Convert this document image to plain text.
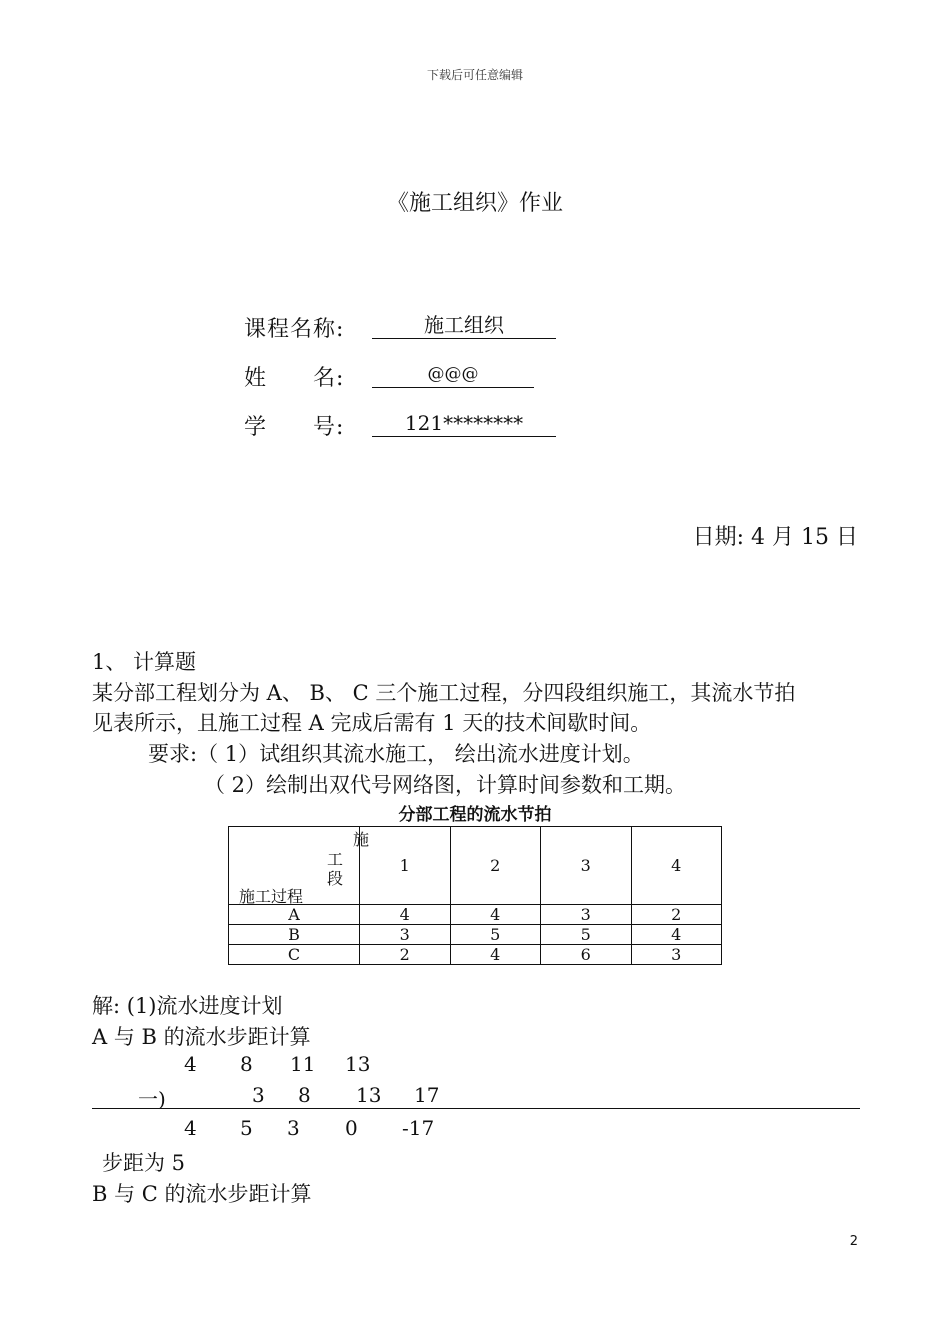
下载后可任意编辑
《施工组织》作业
课程名称:	施工组织
姓 名:	@@@
学 号:	121********
日期: 4 月 15 日
1、 计算题
某分部工程划分为 A、 B、 C 三个施工过程，分四段组织施工，其流水节拍
见表所示，且施工过程 A 完成后需有 1 天的技术间歇时间。
要求:（ 1）试组织其流水施工， 绘出流水进度计划。
（ 2）绘制出双代号网络图，计算时间参数和工期。
分部工程的流水节拍
施
工
段
施工过程	1	2	3	4
A	4	4	3	2
B	3	5	5	4
C	2	4	6	3
解: (1)流水进度计划
A 与 B 的流水步距计算
4 8 11 13
一)	3 8 13 17
4 5 3 0 -17
步距为 5
B 与 C 的流水步距计算
2
